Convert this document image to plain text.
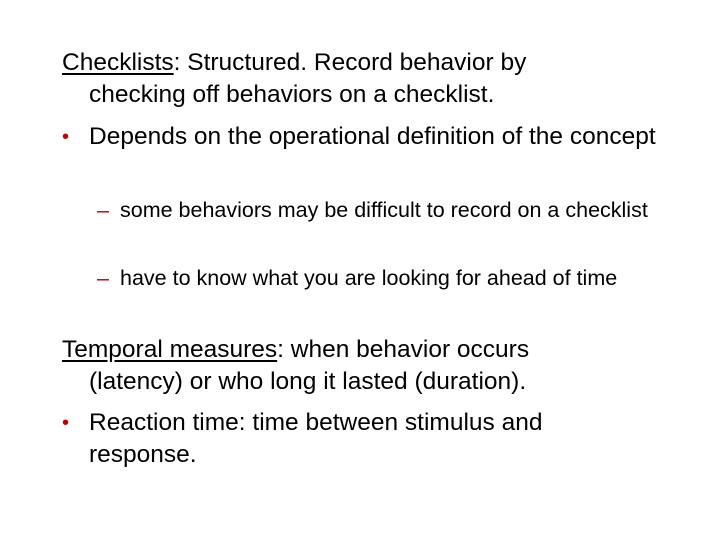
Checklists: Structured. Record behavior by
checking off behaviors on a checklist.

• Depends on the operational definition of the concept
– some behaviors may be difficult to record on a checklist
– have to know what you are looking for ahead of time

Temporal measures: when behavior occurs
(latency) or who long it lasted (duration).

• Reaction time: time between stimulus and response.
